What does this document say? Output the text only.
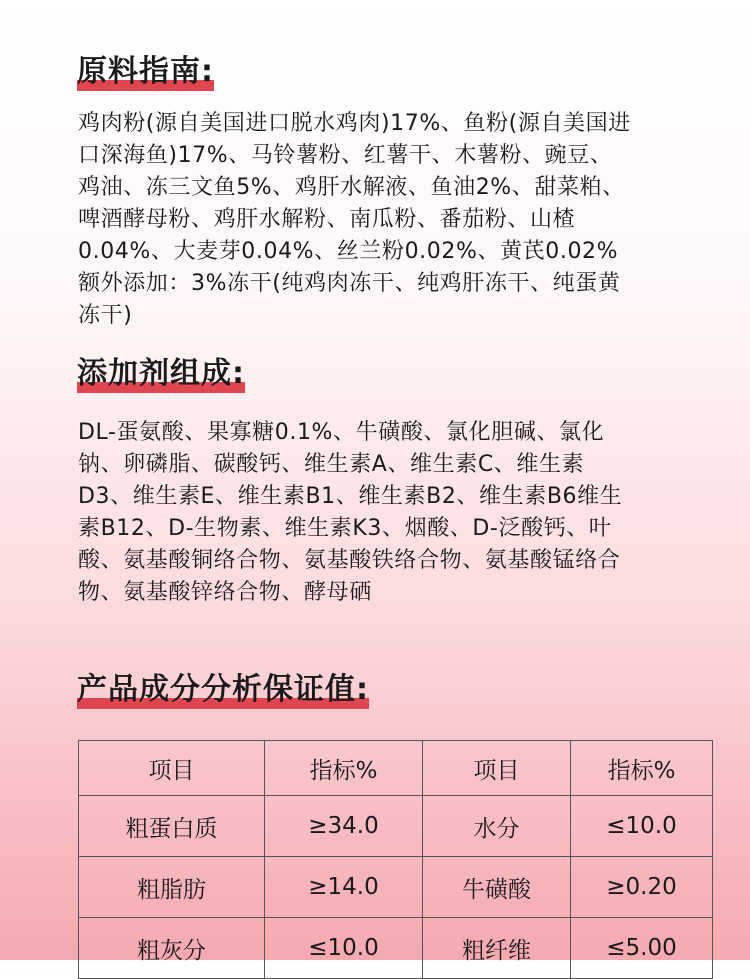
原料指南:

鸡肉粉(源自美国进口脱水鸡肉)17%、鱼粉(源自美国进
口深海鱼)17%、马铃薯粉、红薯干、木薯粉、豌豆、
鸡油、冻三文鱼5%、鸡肝水解液、鱼油2%、甜菜粕、
啤酒酵母粉、鸡肝水解粉、南瓜粉、番茄粉、山楂
0.04%、大麦芽0.04%、丝兰粉0.02%、黄芪0.02%
额外添加：3%冻干(纯鸡肉冻干、纯鸡肝冻干、纯蛋黄
冻干)

添加剂组成:

DL-蛋氨酸、果寡糖0.1%、牛磺酸、氯化胆碱、氯化
钠、卵磷脂、碳酸钙、维生素A、维生素C、维生素
D3、维生素E、维生素B1、维生素B2、维生素B6维生
素B12、D-生物素、维生素K3、烟酸、D-泛酸钙、叶
酸、氨基酸铜络合物、氨基酸铁络合物、氨基酸锰络合
物、氨基酸锌络合物、酵母硒

产品成分分析保证值:
项目	指标%	项目	指标%
粗蛋白质	≥34.0	水分	≤10.0
粗脂肪	≥14.0	牛磺酸	≥0.20
粗灰分	≤10.0	粗纤维	≤5.00
